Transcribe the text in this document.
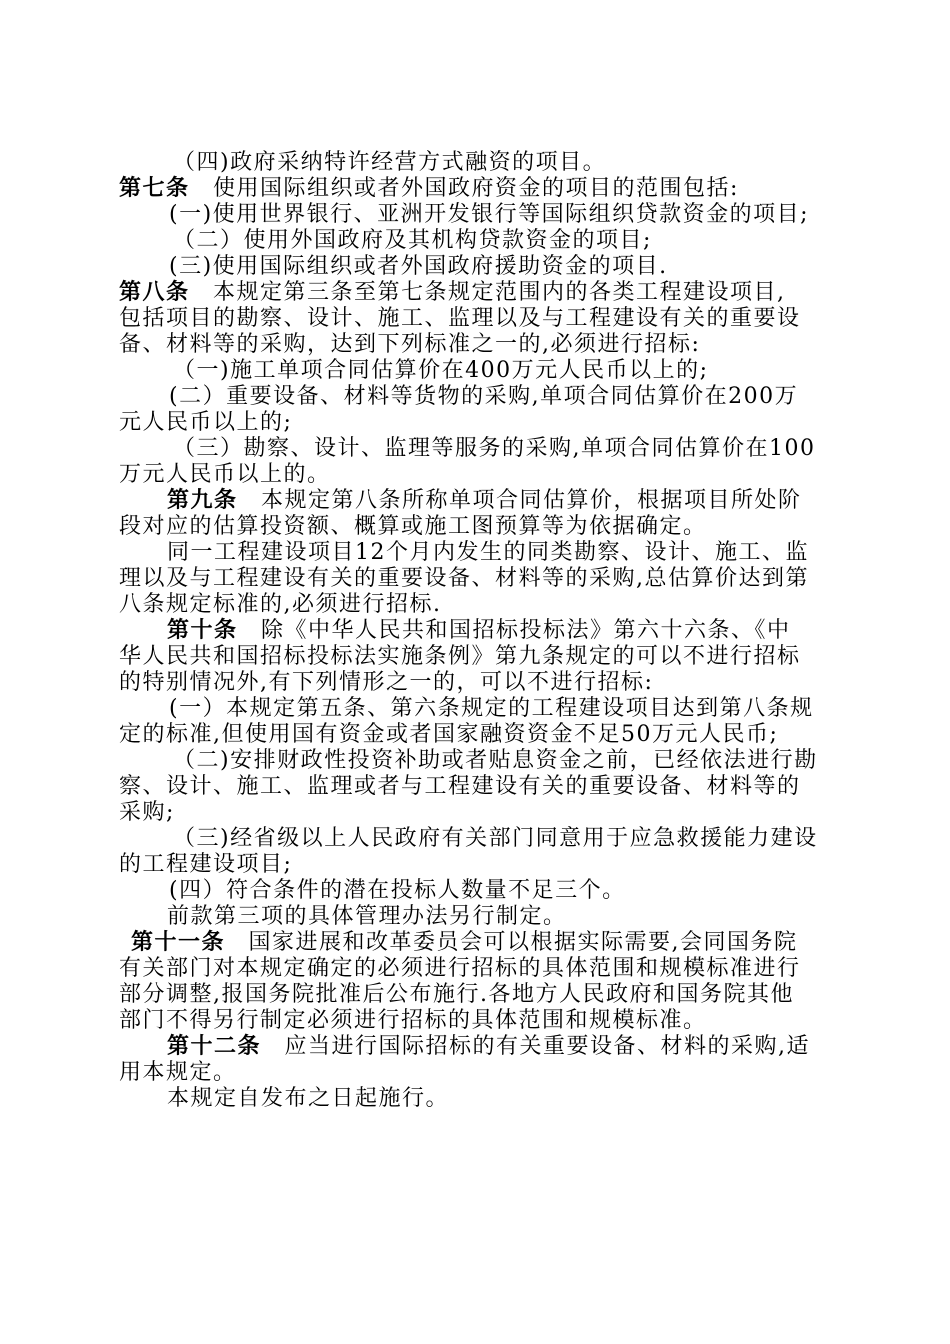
（四)政府采纳特许经营方式融资的项目。
第七条　使用国际组织或者外国政府资金的项目的范围包括:
(一)使用世界银行、亚洲开发银行等国际组织贷款资金的项目;
（二）使用外国政府及其机构贷款资金的项目;
(三)使用国际组织或者外国政府援助资金的项目.
第八条　本规定第三条至第七条规定范围内的各类工程建设项目,
包括项目的勘察、设计、施工、监理以及与工程建设有关的重要设
备、材料等的采购，达到下列标准之一的,必须进行招标:
（一)施工单项合同估算价在400万元人民币以上的;
(二）重要设备、材料等货物的采购,单项合同估算价在200万
元人民币以上的;
（三）勘察、设计、监理等服务的采购,单项合同估算价在100
万元人民币以上的。
第九条　本规定第八条所称单项合同估算价，根据项目所处阶
段对应的估算投资额、概算或施工图预算等为依据确定。
同一工程建设项目12个月内发生的同类勘察、设计、施工、监
理以及与工程建设有关的重要设备、材料等的采购,总估算价达到第
八条规定标准的,必须进行招标.
第十条　除《中华人民共和国招标投标法》第六十六条、《中
华人民共和国招标投标法实施条例》第九条规定的可以不进行招标
的特别情况外,有下列情形之一的，可以不进行招标:
(一）本规定第五条、第六条规定的工程建设项目达到第八条规
定的标准,但使用国有资金或者国家融资资金不足50万元人民币;
（二)安排财政性投资补助或者贴息资金之前，已经依法进行勘
察、设计、施工、监理或者与工程建设有关的重要设备、材料等的
采购;
（三)经省级以上人民政府有关部门同意用于应急救援能力建设
的工程建设项目;
(四）符合条件的潜在投标人数量不足三个。
前款第三项的具体管理办法另行制定。
第十一条　国家进展和改革委员会可以根据实际需要,会同国务院
有关部门对本规定确定的必须进行招标的具体范围和规模标准进行
部分调整,报国务院批准后公布施行.各地方人民政府和国务院其他
部门不得另行制定必须进行招标的具体范围和规模标准。
第十二条　应当进行国际招标的有关重要设备、材料的采购,适
用本规定。
本规定自发布之日起施行。
